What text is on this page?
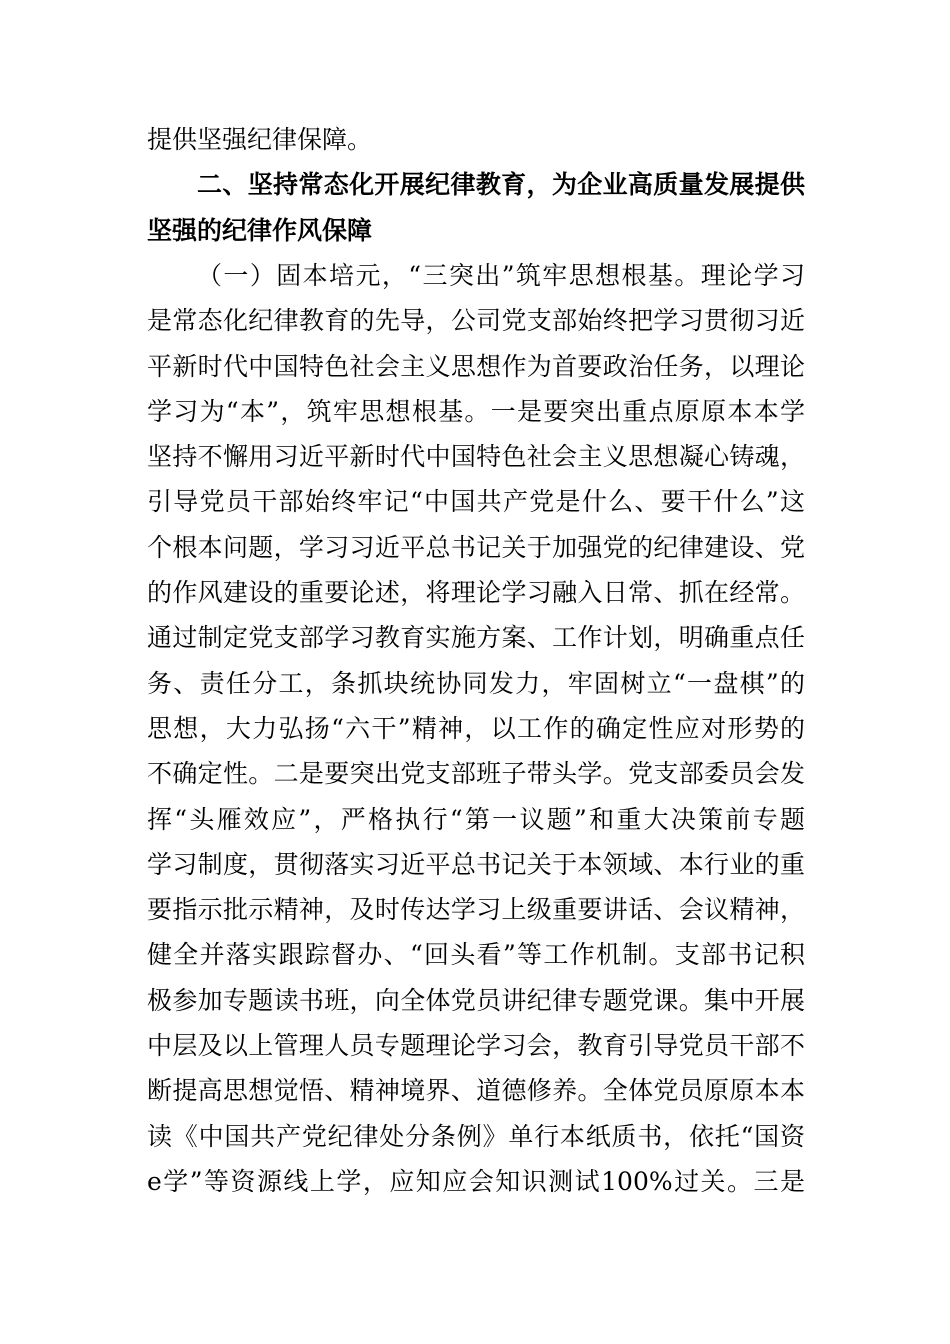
提供坚强纪律保障。
二、坚持常态化开展纪律教育，为企业高质量发展提供
坚强的纪律作风保障
（一）固本培元，“三突出”筑牢思想根基。理论学习
是常态化纪律教育的先导，公司党支部始终把学习贯彻习近
平新时代中国特色社会主义思想作为首要政治任务，以理论
学习为“本”，筑牢思想根基。一是要突出重点原原本本学
坚持不懈用习近平新时代中国特色社会主义思想凝心铸魂，
引导党员干部始终牢记“中国共产党是什么、要干什么”这
个根本问题，学习习近平总书记关于加强党的纪律建设、党
的作风建设的重要论述，将理论学习融入日常、抓在经常。
通过制定党支部学习教育实施方案、工作计划，明确重点任
务、责任分工，条抓块统协同发力，牢固树立“一盘棋”的
思想，大力弘扬“六干”精神，以工作的确定性应对形势的
不确定性。二是要突出党支部班子带头学。党支部委员会发
挥“头雁效应”，严格执行“第一议题”和重大决策前专题
学习制度，贯彻落实习近平总书记关于本领域、本行业的重
要指示批示精神，及时传达学习上级重要讲话、会议精神，
健全并落实跟踪督办、“回头看”等工作机制。支部书记积
极参加专题读书班，向全体党员讲纪律专题党课。集中开展
中层及以上管理人员专题理论学习会，教育引导党员干部不
断提高思想觉悟、精神境界、道德修养。全体党员原原本本
读《中国共产党纪律处分条例》单行本纸质书，依托“国资
e学”等资源线上学，应知应会知识测试100%过关。三是
